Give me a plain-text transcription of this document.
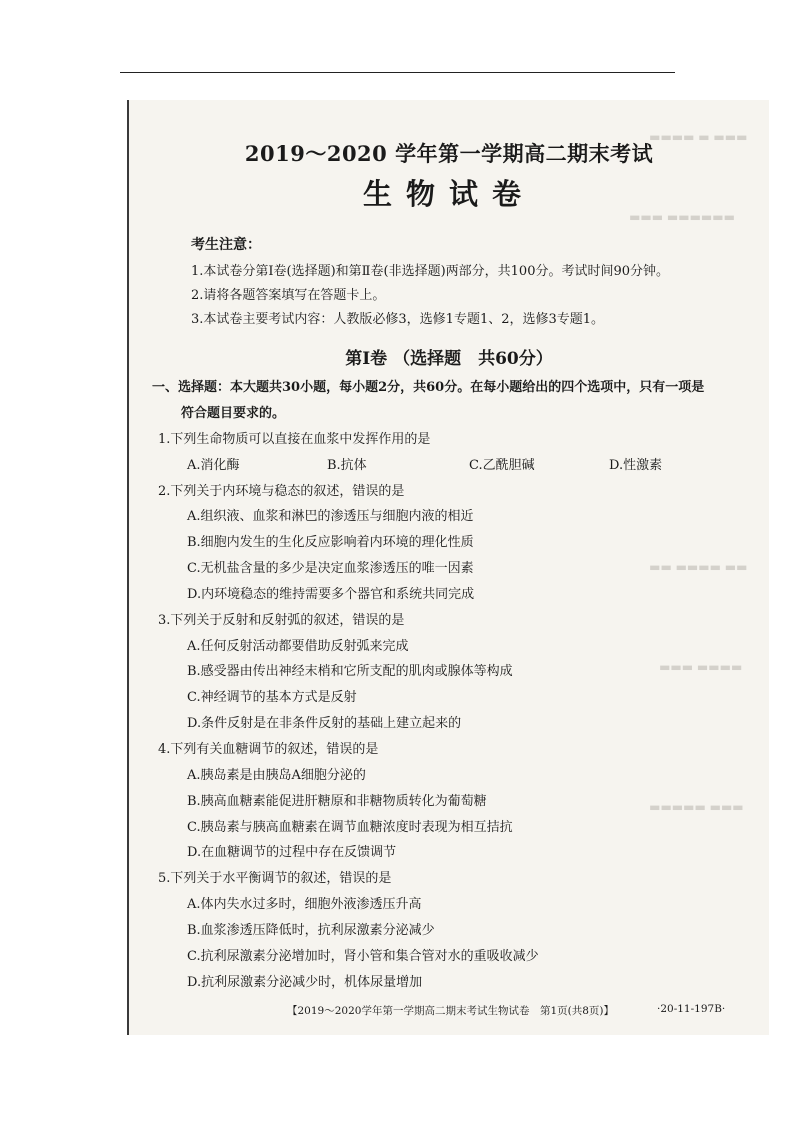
▬▬▬ ▬ ▬▬▬▬
▬▬▬▬▬▬ ▬▬▬
▬▬ ▬▬▬▬ ▬▬
▬▬▬▬ ▬▬▬
▬▬▬ ▬▬▬▬▬
2019～2020 学年第一学期高二期末考试
生物试卷
考生注意：
1.本试卷分第Ⅰ卷(选择题)和第Ⅱ卷(非选择题)两部分，共100分。考试时间90分钟。
2.请将各题答案填写在答题卡上。
3.本试卷主要考试内容：人教版必修3，选修1专题1、2，选修3专题1。
第Ⅰ卷 （选择题　共60分）
一、选择题：本大题共30小题，每小题2分，共60分。在每小题给出的四个选项中，只有一项是
符合题目要求的。
1.下列生命物质可以直接在血浆中发挥作用的是
A.消化酶	B.抗体	C.乙酰胆碱	D.性激素
2.下列关于内环境与稳态的叙述，错误的是
A.组织液、血浆和淋巴的渗透压与细胞内液的相近
B.细胞内发生的生化反应影响着内环境的理化性质
C.无机盐含量的多少是决定血浆渗透压的唯一因素
D.内环境稳态的维持需要多个器官和系统共同完成
3.下列关于反射和反射弧的叙述，错误的是
A.任何反射活动都要借助反射弧来完成
B.感受器由传出神经末梢和它所支配的肌肉或腺体等构成
C.神经调节的基本方式是反射
D.条件反射是在非条件反射的基础上建立起来的
4.下列有关血糖调节的叙述，错误的是
A.胰岛素是由胰岛A细胞分泌的
B.胰高血糖素能促进肝糖原和非糖物质转化为葡萄糖
C.胰岛素与胰高血糖素在调节血糖浓度时表现为相互拮抗
D.在血糖调节的过程中存在反馈调节
5.下列关于水平衡调节的叙述，错误的是
A.体内失水过多时，细胞外液渗透压升高
B.血浆渗透压降低时，抗利尿激素分泌减少
C.抗利尿激素分泌增加时，肾小管和集合管对水的重吸收减少
D.抗利尿激素分泌减少时，机体尿量增加
【2019～2020学年第一学期高二期末考试生物试卷　第1页(共8页)】	·20-11-197B·
